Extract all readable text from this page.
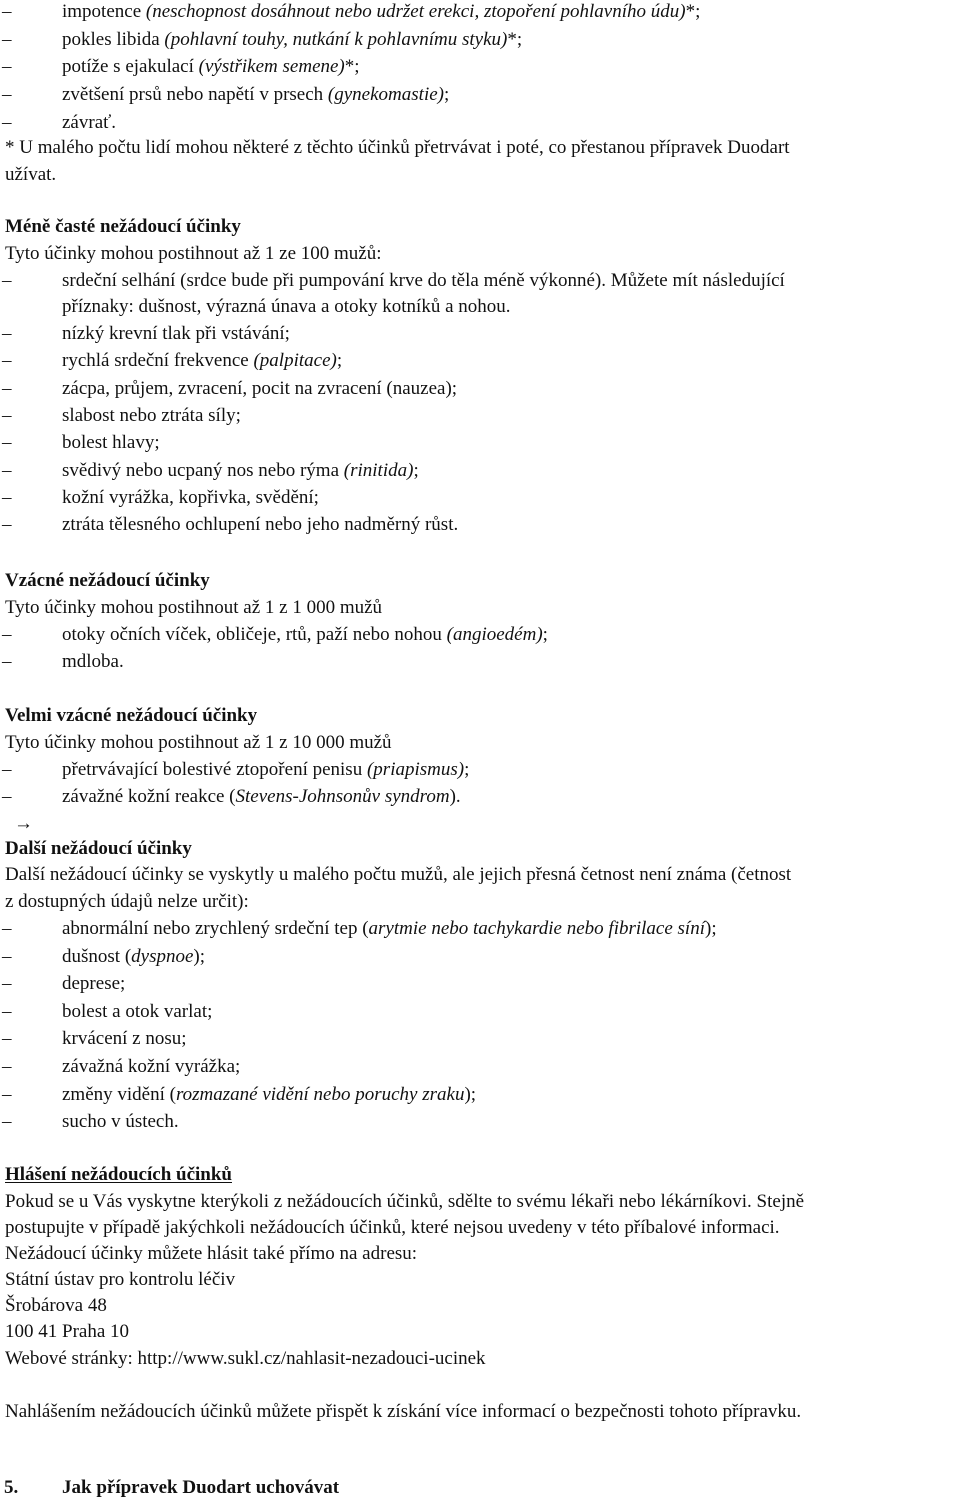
–	impotence (neschopnost dosáhnout nebo udržet erekci, ztopoření pohlavního údu)*;
–	pokles libida (pohlavní touhy, nutkání k pohlavnímu styku)*;
–	potíže s ejakulací (výstřikem semene)*;
–	zvětšení prsů nebo napětí v prsech (gynekomastie);
–	závrať.
* U malého počtu lidí mohou některé z těchto účinků přetrvávat i poté, co přestanou přípravek Duodart
užívat.
Méně časté nežádoucí účinky
Tyto účinky mohou postihnout až 1 ze 100 mužů:
–	srdeční selhání (srdce bude při pumpování krve do těla méně výkonné). Můžete mít následující
příznaky: dušnost, výrazná únava a otoky kotníků a nohou.
–	nízký krevní tlak při vstávání;
–	rychlá srdeční frekvence (palpitace);
–	zácpa, průjem, zvracení, pocit na zvracení (nauzea);
–	slabost nebo ztráta síly;
–	bolest hlavy;
–	svědivý nebo ucpaný nos nebo rýma (rinitida);
–	kožní vyrážka, kopřivka, svědění;
–	ztráta tělesného ochlupení nebo jeho nadměrný růst.
Vzácné nežádoucí účinky
Tyto účinky mohou postihnout až 1 z 1 000 mužů
–	otoky očních víček, obličeje, rtů, paží nebo nohou (angioedém);
–	mdloba.
Velmi vzácné nežádoucí účinky
Tyto účinky mohou postihnout až 1 z 10 000 mužů
–	přetrvávající bolestivé ztopoření penisu (priapismus);
–	závažné kožní reakce (Stevens-Johnsonův syndrom).
→
Další nežádoucí účinky
Další nežádoucí účinky se vyskytly u malého počtu mužů, ale jejich přesná četnost není známa (četnost
z dostupných údajů nelze určit):
–	abnormální nebo zrychlený srdeční tep (arytmie nebo tachykardie nebo fibrilace síní);
–	dušnost (dyspnoe);
–	deprese;
–	bolest a otok varlat;
–	krvácení z nosu;
–	závažná kožní vyrážka;
–	změny vidění (rozmazané vidění nebo poruchy zraku);
–	sucho v ústech.
Hlášení nežádoucích účinků
Pokud se u Vás vyskytne kterýkoli z nežádoucích účinků, sdělte to svému lékaři nebo lékárníkovi. Stejně
postupujte v případě jakýchkoli nežádoucích účinků, které nejsou uvedeny v této příbalové informaci.
Nežádoucí účinky můžete hlásit také přímo na adresu:
Státní ústav pro kontrolu léčiv
Šrobárova 48
100 41 Praha 10
Webové stránky: http://www.sukl.cz/nahlasit-nezadouci-ucinek
Nahlášením nežádoucích účinků můžete přispět k získání více informací o bezpečnosti tohoto přípravku.
5. Jak přípravek Duodart uchovávat
